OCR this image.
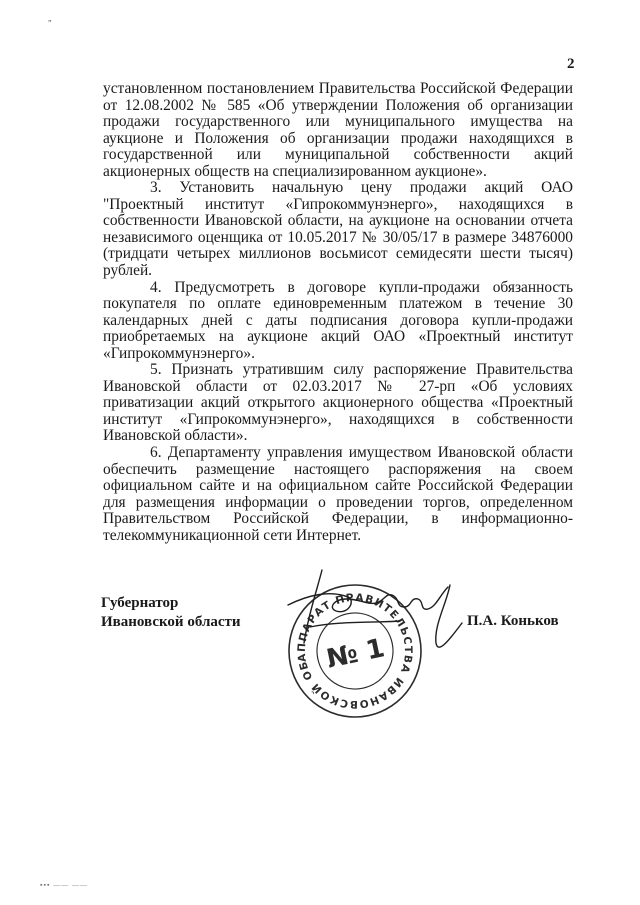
„
2

установленном постановлением Правительства Российской Федерации от 12.08.2002 № 585 «Об утверждении Положения об организации продажи государственного или муниципального имущества на аукционе и Положения об организации продажи находящихся в государственной или муниципальной собственности акций акционерных обществ на специализированном аукционе».

3. Установить начальную цену продажи акций ОАО "Проектный институт «Гипрокоммунэнерго», находящихся в собственности Ивановской области, на аукционе на основании отчета независимого оценщика от 10.05.2017 № 30/05/17 в размере 34876000 (тридцати четырех миллионов восьмисот семидесяти шести тысяч) рублей.

4. Предусмотреть в договоре купли-продажи обязанность покупателя по оплате единовременным платежом в течение 30 календарных дней с даты подписания договора купли-продажи приобретаемых на аукционе акций ОАО «Проектный институт «Гипрокоммунэнерго».

5. Признать утратившим силу распоряжение Правительства Ивановской области от 02.03.2017 № 27-рп «Об условиях приватизации акций открытого акционерного общества «Проектный институт «Гипрокоммунэнерго», находящихся в собственности Ивановской области».

6. Департаменту управления имуществом Ивановской области обеспечить размещение настоящего распоряжения на своем официальном сайте и на официальном сайте Российской Федерации для размещения информации о проведении торгов, определенном Правительством Российской Федерации, в информационно-телекоммуникационной сети Интернет.

Губернатор
Ивановской области	П.А. Коньков
АППАРАТ ПРАВИТЕЛЬСТВА ИВАНОВСКОЙ ОБЛАСТИ • ПРАВОВОЕ УПРАВЛЕНИЕ •
№ 1
▪▪▪ —— ——
